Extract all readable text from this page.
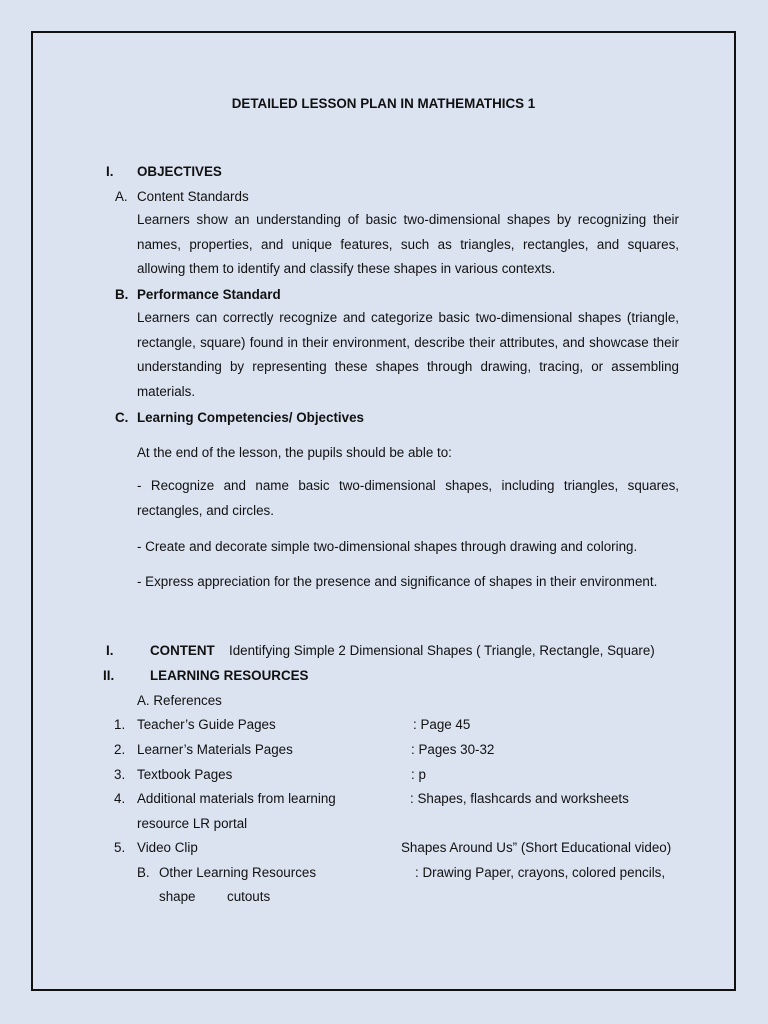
DETAILED LESSON PLAN IN MATHEMATHICS 1
I. OBJECTIVES
A. Content Standards
Learners show an understanding of basic two-dimensional shapes by recognizing their names, properties, and unique features, such as triangles, rectangles, and squares, allowing them to identify and classify these shapes in various contexts.
B. Performance Standard
Learners can correctly recognize and categorize basic two-dimensional shapes (triangle, rectangle, square) found in their environment, describe their attributes, and showcase their understanding by representing these shapes through drawing, tracing, or assembling materials.
C. Learning Competencies/ Objectives
At the end of the lesson, the pupils should be able to:
- Recognize and name basic two-dimensional shapes, including triangles, squares, rectangles, and circles.
- Create and decorate simple two-dimensional shapes through drawing and coloring.
- Express appreciation for the presence and significance of shapes in their environment.
I.	CONTENT Identifying Simple 2 Dimensional Shapes ( Triangle, Rectangle, Square)
II.	LEARNING RESOURCES
A. References
1. Teacher’s Guide Pages	: Page 45
2. Learner’s Materials Pages	: Pages 30-32
3. Textbook Pages	: p
4. Additional materials from learning	: Shapes, flashcards and worksheets
resource LR portal
5. Video Clip	Shapes Around Us” (Short Educational video)
B. Other Learning Resources	: Drawing Paper, crayons, colored pencils,
shape cutouts
